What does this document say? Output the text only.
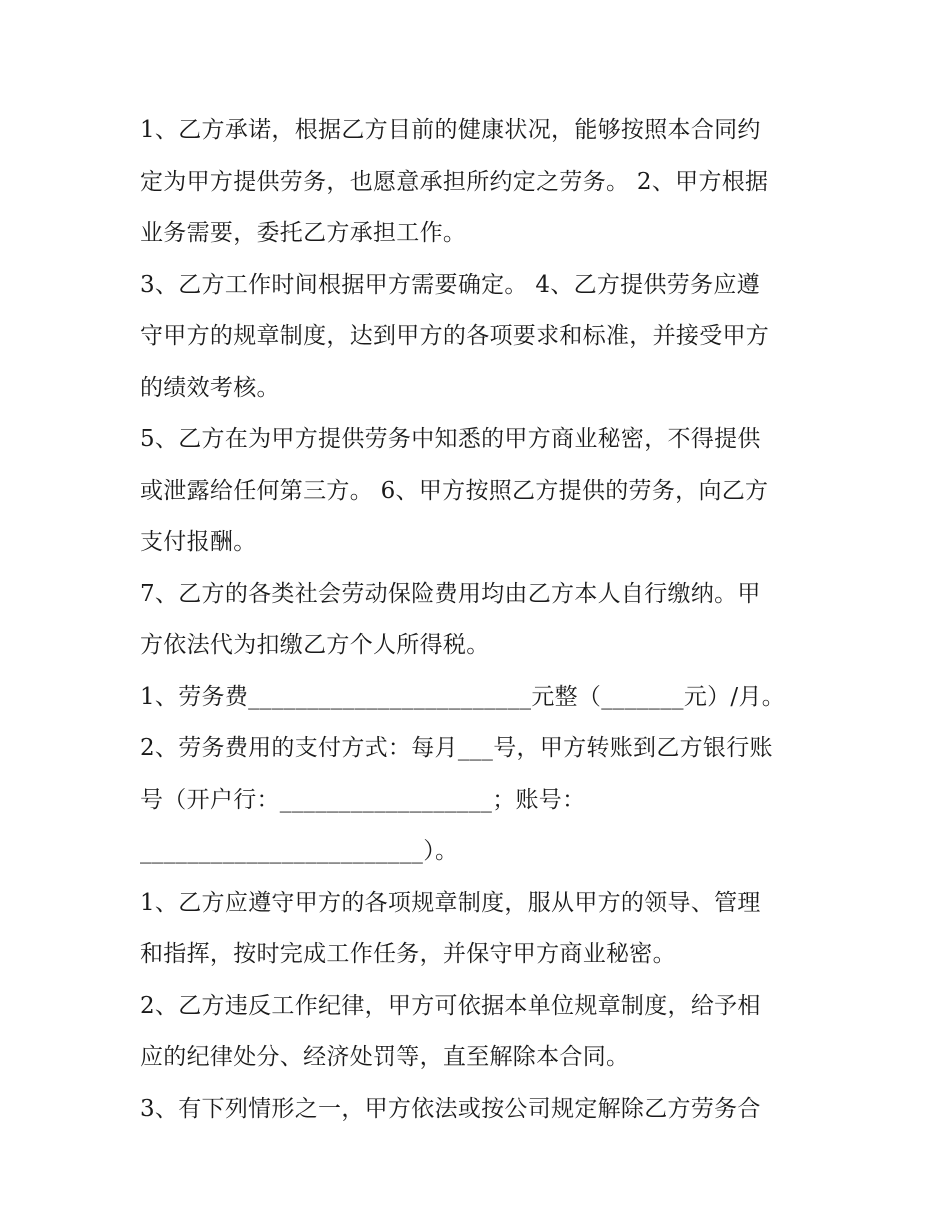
1、乙方承诺，根据乙方目前的健康状况，能够按照本合同约
定为甲方提供劳务，也愿意承担所约定之劳务。 2、甲方根据
业务需要，委托乙方承担工作。

3、乙方工作时间根据甲方需要确定。 4、乙方提供劳务应遵
守甲方的规章制度，达到甲方的各项要求和标准，并接受甲方
的绩效考核。

5、乙方在为甲方提供劳务中知悉的甲方商业秘密，不得提供
或泄露给任何第三方。 6、甲方按照乙方提供的劳务，向乙方
支付报酬。

7、乙方的各类社会劳动保险费用均由乙方本人自行缴纳。甲
方依法代为扣缴乙方个人所得税。

1、劳务费________________________元整（_______元）/月。

2、劳务费用的支付方式：每月___号，甲方转账到乙方银行账
号（开户行：__________________；账号：
________________________）。

1、乙方应遵守甲方的各项规章制度，服从甲方的领导、管理
和指挥，按时完成工作任务，并保守甲方商业秘密。

2、乙方违反工作纪律，甲方可依据本单位规章制度，给予相
应的纪律处分、经济处罚等，直至解除本合同。

3、有下列情形之一，甲方依法或按公司规定解除乙方劳务合
